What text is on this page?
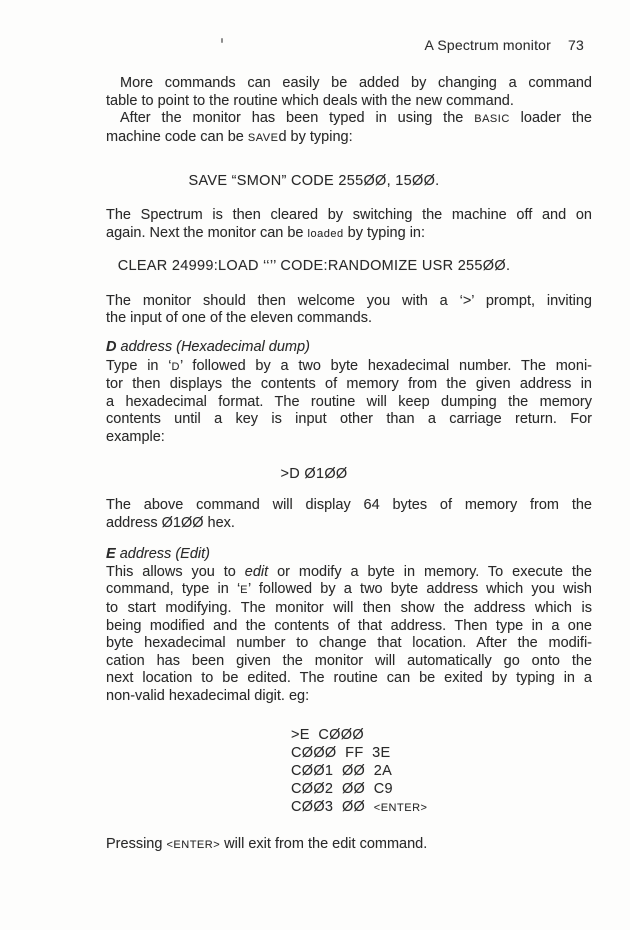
A Spectrum monitor 73
More commands can easily be added by changing a command
table to point to the routine which deals with the new command.
After the monitor has been typed in using the BASIC loader the
machine code can be SAVEd by typing:
SAVE “SMON” CODE 255ØØ, 15ØØ.
The Spectrum is then cleared by switching the machine off and on
again. Next the monitor can be loaded by typing in:
CLEAR 24999:LOAD ‘‘’’ CODE:RANDOMIZE USR 255ØØ.
The monitor should then welcome you with a ‘>’ prompt, inviting
the input of one of the eleven commands.
D address (Hexadecimal dump)
Type in ‘D’ followed by a two byte hexadecimal number. The moni-
tor then displays the contents of memory from the given address in
a hexadecimal format. The routine will keep dumping the memory
contents until a key is input other than a carriage return. For
example:
>D Ø1ØØ
The above command will display 64 bytes of memory from the
address Ø1ØØ hex.
E address (Edit)
This allows you to edit or modify a byte in memory. To execute the
command, type in ‘E’ followed by a two byte address which you wish
to start modifying. The monitor will then show the address which is
being modified and the contents of that address. Then type in a one
byte hexadecimal number to change that location. After the modifi-
cation has been given the monitor will automatically go onto the
next location to be edited. The routine can be exited by typing in a
non-valid hexadecimal digit. eg:
>E  CØØØ
CØØØ  FF  3E
CØØ1  ØØ  2A
CØØ2  ØØ  C9
CØØ3  ØØ  <ENTER>
Pressing <ENTER> will exit from the edit command.
